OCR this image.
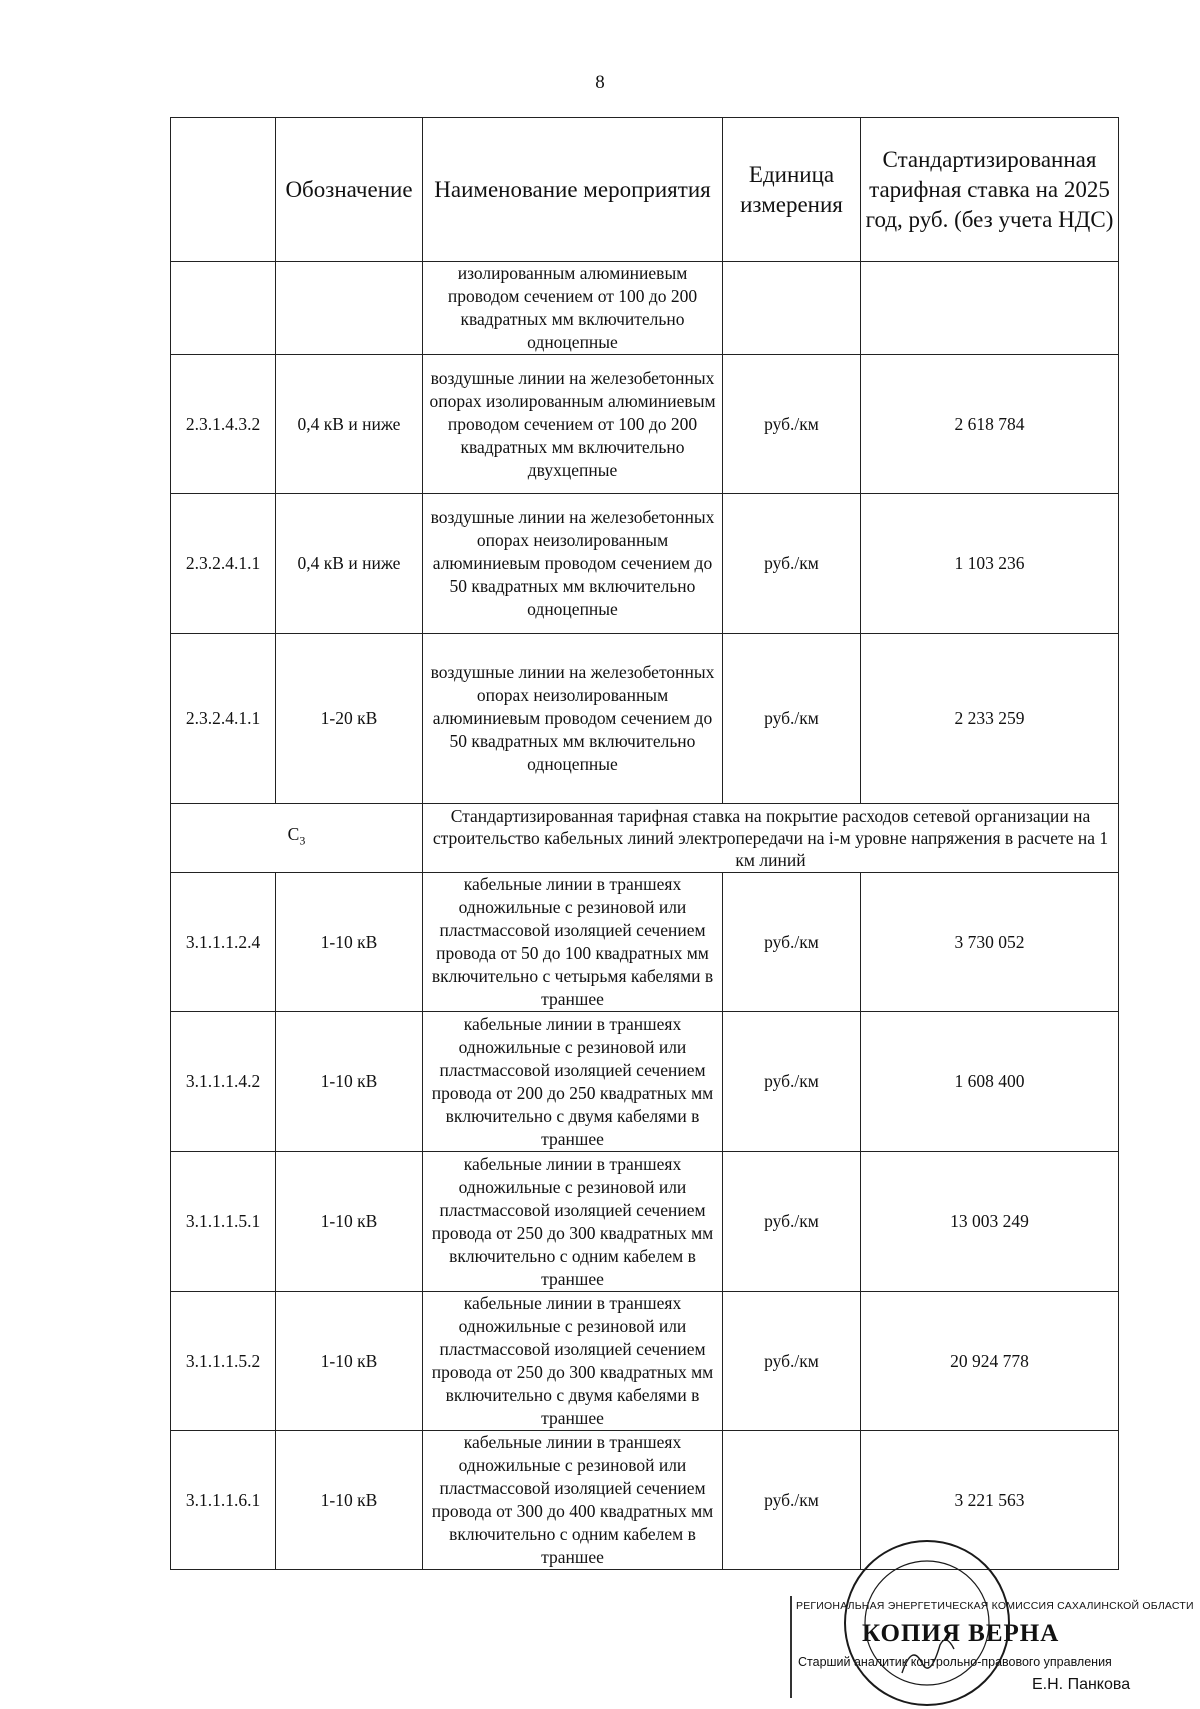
8
	Обозначение	Наименование мероприятия	Единица измерения	Стандартизированная тарифная ставка на 2025 год, руб. (без учета НДС)
		изолированным алюминиевым проводом сечением от 100 до 200 квадратных мм включительно одноцепные		
2.3.1.4.3.2	0,4 кВ и ниже	воздушные линии на железобетонных опорах изолированным алюминиевым проводом сечением от 100 до 200 квадратных мм включительно двухцепные	руб./км	2 618 784
2.3.2.4.1.1	0,4 кВ и ниже	воздушные линии на железобетонных опорах неизолированным алюминиевым проводом сечением до 50 квадратных мм включительно одноцепные	руб./км	1 103 236
2.3.2.4.1.1	1-20 кВ	воздушные линии на железобетонных опорах неизолированным алюминиевым проводом сечением до 50 квадратных мм включительно одноцепные	руб./км	2 233 259
$C_3$		Стандартизированная тарифная ставка на покрытие расходов сетевой организации на строительство кабельных линий электропередачи на i-м уровне напряжения в расчете на 1 км линий		
3.1.1.1.2.4	1-10 кВ	кабельные линии в траншеях одножильные с резиновой или пластмассовой изоляцией сечением провода от 50 до 100 квадратных мм включительно с четырьмя кабелями в траншее	руб./км	3 730 052
3.1.1.1.4.2	1-10 кВ	кабельные линии в траншеях одножильные с резиновой или пластмассовой изоляцией сечением провода от 200 до 250 квадратных мм включительно с двумя кабелями в траншее	руб./км	1 608 400
3.1.1.1.5.1	1-10 кВ	кабельные линии в траншеях одножильные с резиновой или пластмассовой изоляцией сечением провода от 250 до 300 квадратных мм включительно с одним кабелем в траншее	руб./км	13 003 249
3.1.1.1.5.2	1-10 кВ	кабельные линии в траншеях одножильные с резиновой или пластмассовой изоляцией сечением провода от 250 до 300 квадратных мм включительно с двумя кабелями в траншее	руб./км	20 924 778
3.1.1.1.6.1	1-10 кВ	кабельные линии в траншеях одножильные с резиновой или пластмассовой изоляцией сечением провода от 300 до 400 квадратных мм включительно с одним кабелем в траншее	руб./км	3 221 563
РЕГИОНАЛЬНАЯ ЭНЕРГЕТИЧЕСКАЯ КОМИССИЯ САХАЛИНСКОЙ ОБЛАСТИ
КОПИЯ ВЕРНА
Старший аналитик контрольно-правового управления
Е.Н. Панкова
